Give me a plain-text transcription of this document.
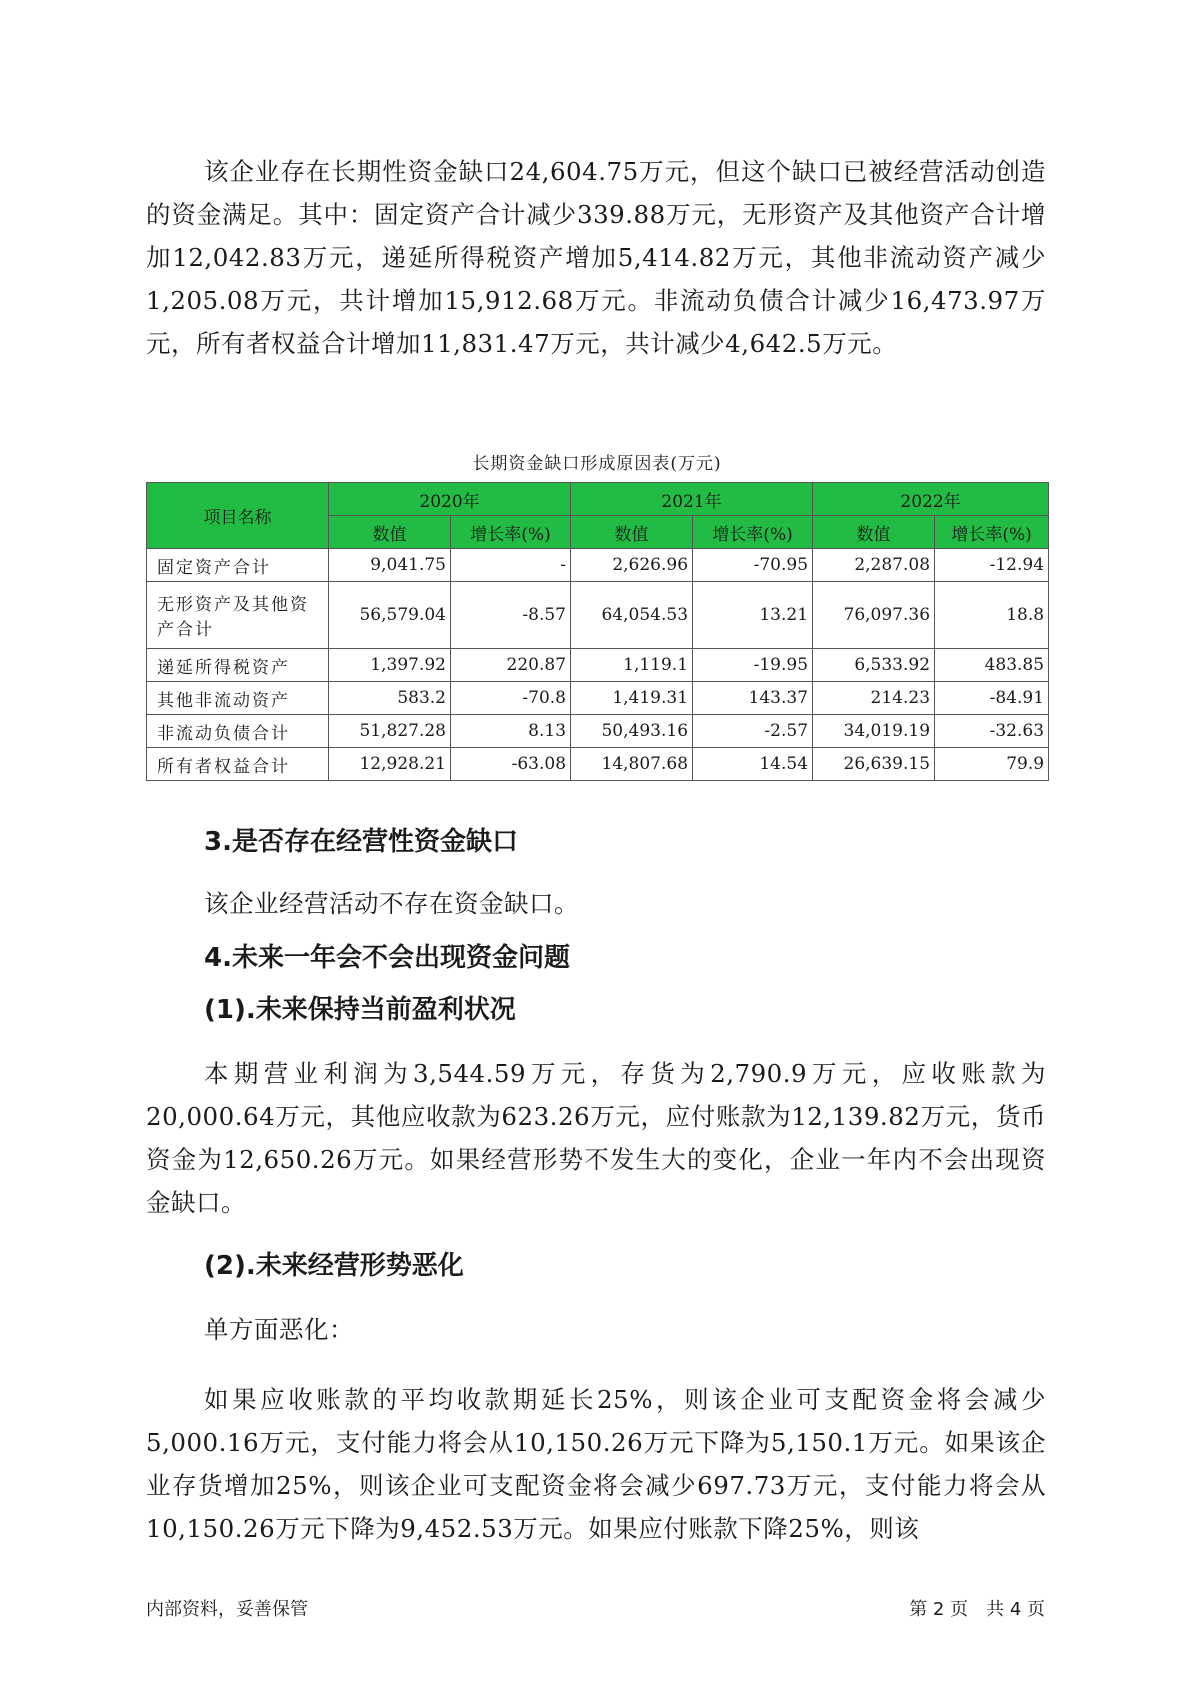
该企业存在长期性资金缺口24,604.75万元，但这个缺口已被经营活动创造的资金满足。其中：固定资产合计减少339.88万元，无形资产及其他资产合计增加12,042.83万元，递延所得税资产增加5,414.82万元，其他非流动资产减少1,205.08万元，共计增加15,912.68万元。非流动负债合计减少16,473.97万元，所有者权益合计增加11,831.47万元，共计减少4,642.5万元。

长期资金缺口形成原因表(万元)
项目名称	2020年		2021年		2022年	
	数值	增长率(%)	数值	增长率(%)	数值	增长率(%)
固定资产合计	9,041.75	-	2,626.96	-70.95	2,287.08	-12.94
无形资产及其他资产合计	56,579.04	-8.57	64,054.53	13.21	76,097.36	18.8
递延所得税资产	1,397.92	220.87	1,119.1	-19.95	6,533.92	483.85
其他非流动资产	583.2	-70.8	1,419.31	143.37	214.23	-84.91
非流动负债合计	51,827.28	8.13	50,493.16	-2.57	34,019.19	-32.63
所有者权益合计	12,928.21	-63.08	14,807.68	14.54	26,639.15	79.9
3.是否存在经营性资金缺口

该企业经营活动不存在资金缺口。

4.未来一年会不会出现资金问题
(1).未来保持当前盈利状况

本期营业利润为3,544.59万元，存货为2,790.9万元，应收账款为20,000.64万元，其他应收款为623.26万元，应付账款为12,139.82万元，货币资金为12,650.26万元。如果经营形势不发生大的变化，企业一年内不会出现资金缺口。

(2).未来经营形势恶化

单方面恶化：

如果应收账款的平均收款期延长25%，则该企业可支配资金将会减少5,000.16万元，支付能力将会从10,150.26万元下降为5,150.1万元。如果该企业存货增加25%，则该企业可支配资金将会减少697.73万元，支付能力将会从10,150.26万元下降为9,452.53万元。如果应付账款下降25%，则该

内部资料，妥善保管	第 2 页　共 4 页
